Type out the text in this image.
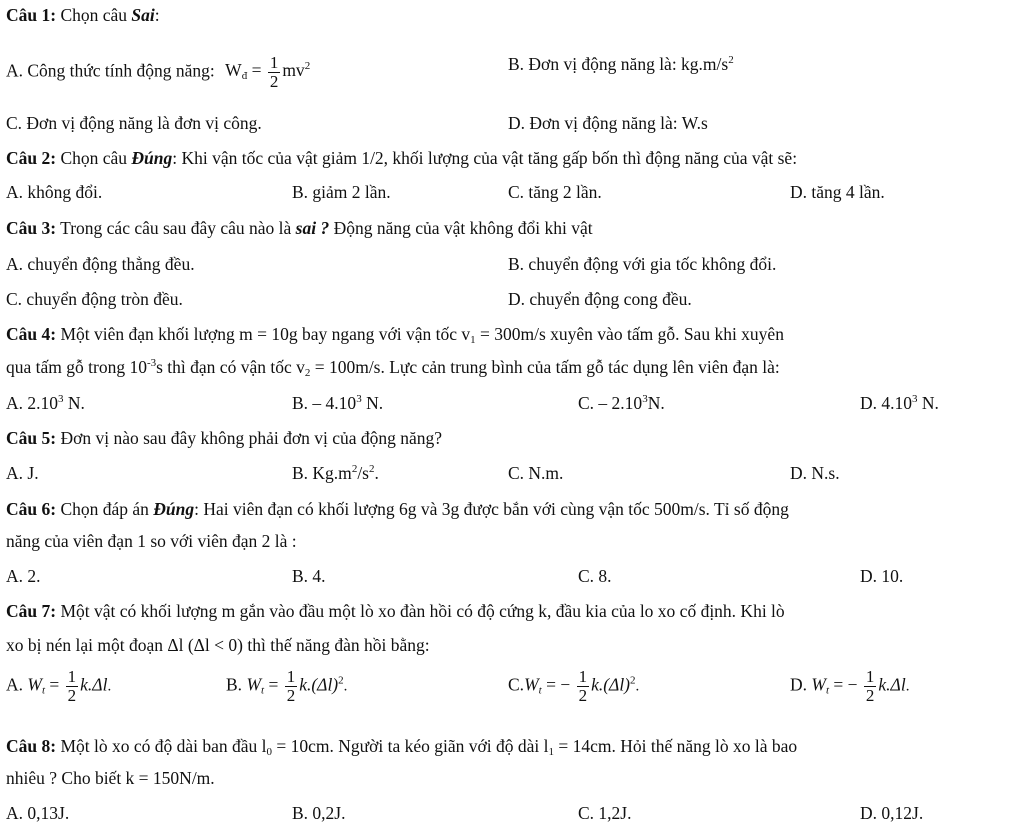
Câu 1: Chọn câu Sai:
A. Công thức tính động năng: $W_đ = \frac{1}{2} mv^2$	B. Đơn vị động năng là: $kg.m/s^2$
C. Đơn vị động năng là đơn vị công.	D. Đơn vị động năng là: W.s
Câu 2: Chọn câu Đúng: Khi vận tốc của vật giảm 1/2, khối lượng của vật tăng gấp bốn thì động năng của vật sẽ:
A. không đổi.	B. giảm 2 lần.	C. tăng 2 lần.	D. tăng 4 lần.
Câu 3: Trong các câu sau đây câu nào là sai ? Động năng của vật không đổi khi vật
A. chuyển động thẳng đều.	B. chuyển động với gia tốc không đổi.
C. chuyển động tròn đều.	D. chuyển động cong đều.
Câu 4: Một viên đạn khối lượng m = 10g bay ngang với vận tốc $v_1 = 300m/s$ xuyên vào tấm gỗ. Sau khi xuyên
qua tấm gỗ trong $10^{-3}s$ thì đạn có vận tốc $v_2 = 100m/s$. Lực cản trung bình của tấm gỗ tác dụng lên viên đạn là:
A. 2.10$^3$ N.	B. – 4.10$^3$ N.	C. – 2.10$^3$N.	D. 4.10$^3$ N.
Câu 5: Đơn vị nào sau đây không phải đơn vị của động năng?
A. J.	B. $Kg.m^2/s^2$.	C. N.m.	D. N.s.
Câu 6: Chọn đáp án Đúng: Hai viên đạn có khối lượng 6g và 3g được bắn với cùng vận tốc 500m/s. Tỉ số động
năng của viên đạn 1 so với viên đạn 2 là :
A. 2.	B. 4.	C. 8.	D. 10.
Câu 7: Một vật có khối lượng m gắn vào đầu một lò xo đàn hồi có độ cứng k, đầu kia của lo xo cố định. Khi lò
xo bị nén lại một đoạn Δl (Δl < 0) thì thế năng đàn hồi bằng:
A. $W_t = \frac{1}{2} k.\Delta l$.	B. $W_t = \frac{1}{2} k.(\Delta l)^2$.	$C.W_t$ = − $\frac{1}{2} k.(\Delta l)^2$.	D. $W_t$ = − $\frac{1}{2} k.\Delta l$.
Câu 8: Một lò xo có độ dài ban đầu $l_0 = 10cm$. Người ta kéo giãn với độ dài $l_1 = 14cm$. Hỏi thế năng lò xo là bao
nhiêu ? Cho biết k = 150N/m.
A. 0,13J.	B. 0,2J.	C. 1,2J.	D. 0,12J.
